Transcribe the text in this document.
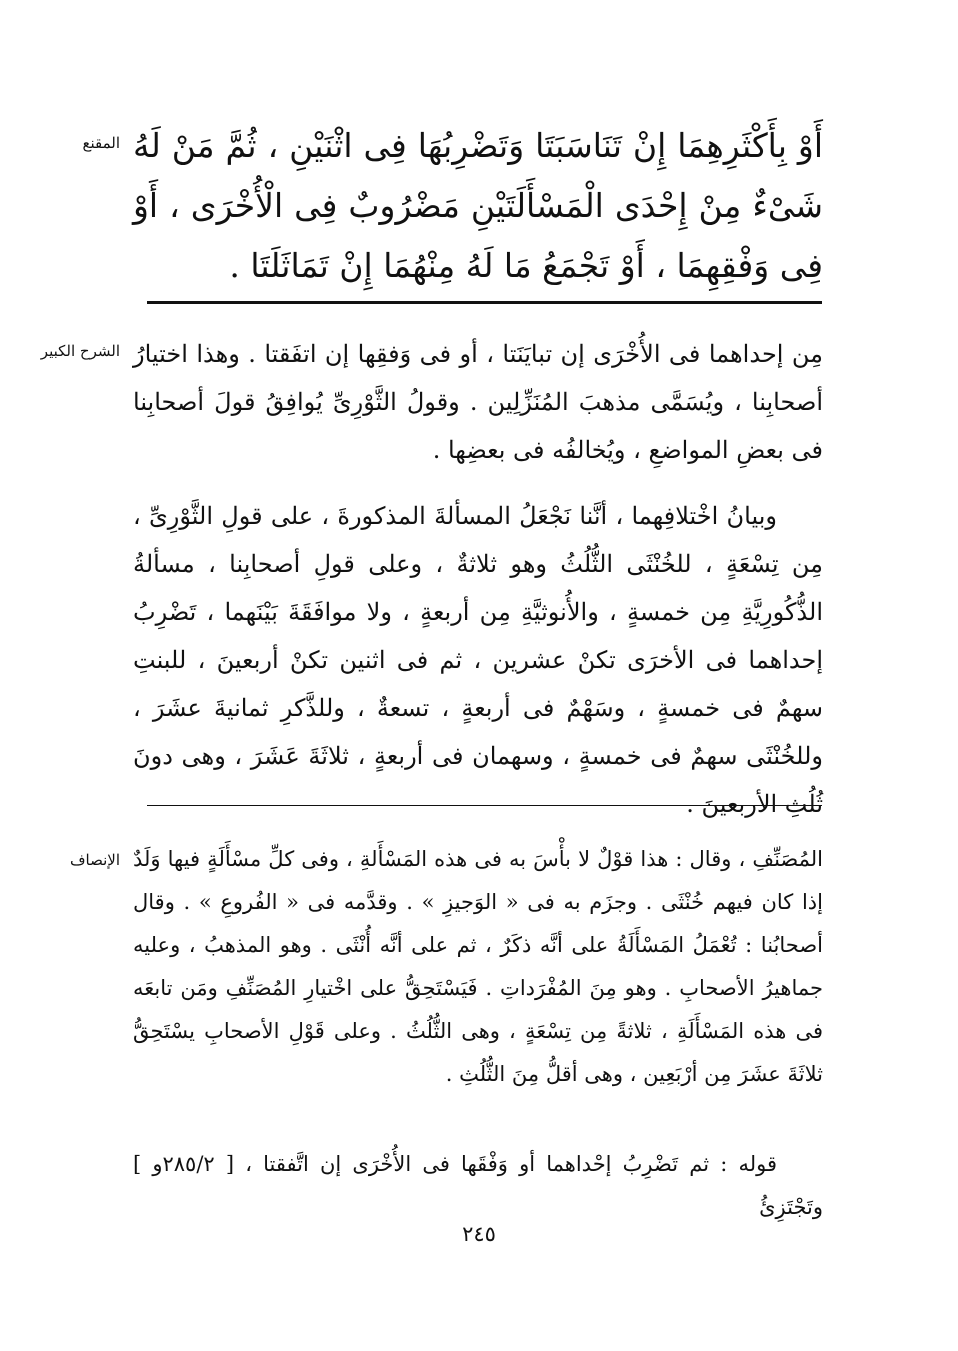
المقنع أَوْ بِأَكْثَرِهِمَا إِنْ تَنَاسَبَتَا وَتَضْرِبُهَا فِى اثْنَيْنِ ، ثُمَّ مَنْ لَهُ شَىْءٌ مِنْ إِحْدَى الْمَسْأَلَتَيْنِ مَضْرُوبٌ فِى الْأُخْرَى ، أَوْ فِى وَفْقِهِمَا ، أَوْ تَجْمَعُ مَا لَهُ مِنْهُمَا إِنْ تَمَاثَلَتَا .
الشرح الكبير مِن إحداهما فى الأُخْرَى إن تبايَنَتا ، أو فى وَفقِها إن اتفَقتا . وهذا اختيارُ أصحابِنا ، ويُسَمَّى مذهبَ المُنَزِّلِين . وقولُ الثَّوْرِىِّ يُوافِقُ قولَ أصحابِنا فى بعضِ المواضعِ ، ويُخالفُه فى بعضِها .
وبيانُ اخْتلافِهما ، أنَّنا نَجْعَلُ المسألةَ المذكورةَ ، على قولِ الثَّوْرِىِّ ، مِن تِسْعَةٍ ، للخُنْثَى الثُّلُثُ وهو ثلاثةٌ ، وعلى قولِ أصحابِنا ، مسألةُ الذُّكُورِيَّةِ مِن خمسةٍ ، والأُنوثيَّةِ مِن أربعةٍ ، ولا موافَقَةَ بَيْنَهما ، تَضْرِبُ إحداهما فى الأخرَى تكنْ عشرين ، ثم فى اثنين تكنْ أربعينَ ، للبنتِ سهمٌ فى خمسةٍ ، وسَهْمٌ فى أربعةٍ ، تسعةٌ ، وللذَّكرِ ثمانيةَ عشَرَ ، وللخُنْثَى سهمٌ فى خمسةٍ ، وسهمان فى أربعةٍ ، ثلاثَةَ عَشَرَ ، وهى دونَ ثُلُثِ الأربعينَ .
الإنصاف المُصَنِّفِ ، وقال : هذا قوْلٌ لا بأْسَ به فى هذه المَسْأَلةِ ، وفى كلِّ مسْأَلَةٍ فيها وَلَدٌ إذا كان فيهم خُنْثَى . وجزَم به فى « الوَجيزِ » . وقدَّمه فى « الفُروعِ » . وقال أصحابُنا : تُعْمَلُ المَسْأَلَةُ على أنَّه ذكَرٌ ، ثم على أنَّه أُنْثَى . وهو المذهبُ ، وعليه جماهيرُ الأصحابِ . وهو مِنَ المُفْرَداتِ . فَيَسْتَحِقُّ على اخْتيارِ المُصَنِّفِ ومَن تابعَه فى هذه المَسْأَلَةِ ، ثلاثةً مِن تِسْعَةٍ ، وهى الثُّلُثُ . وعلى قَوْلِ الأصحابِ يسْتَحِقُّ ثلاثَةَ عشَرَ مِن أرْبَعِين ، وهى أقلُّ مِنَ الثُّلُثِ .
قوله : ثم تَضْرِبُ إحْداهما أو وَفْقَها فى الأُخْرَى إن اتَّفقتا ، [ ٢٨٥/٢و ] وتَجْتَزِئُ
٢٤٥
